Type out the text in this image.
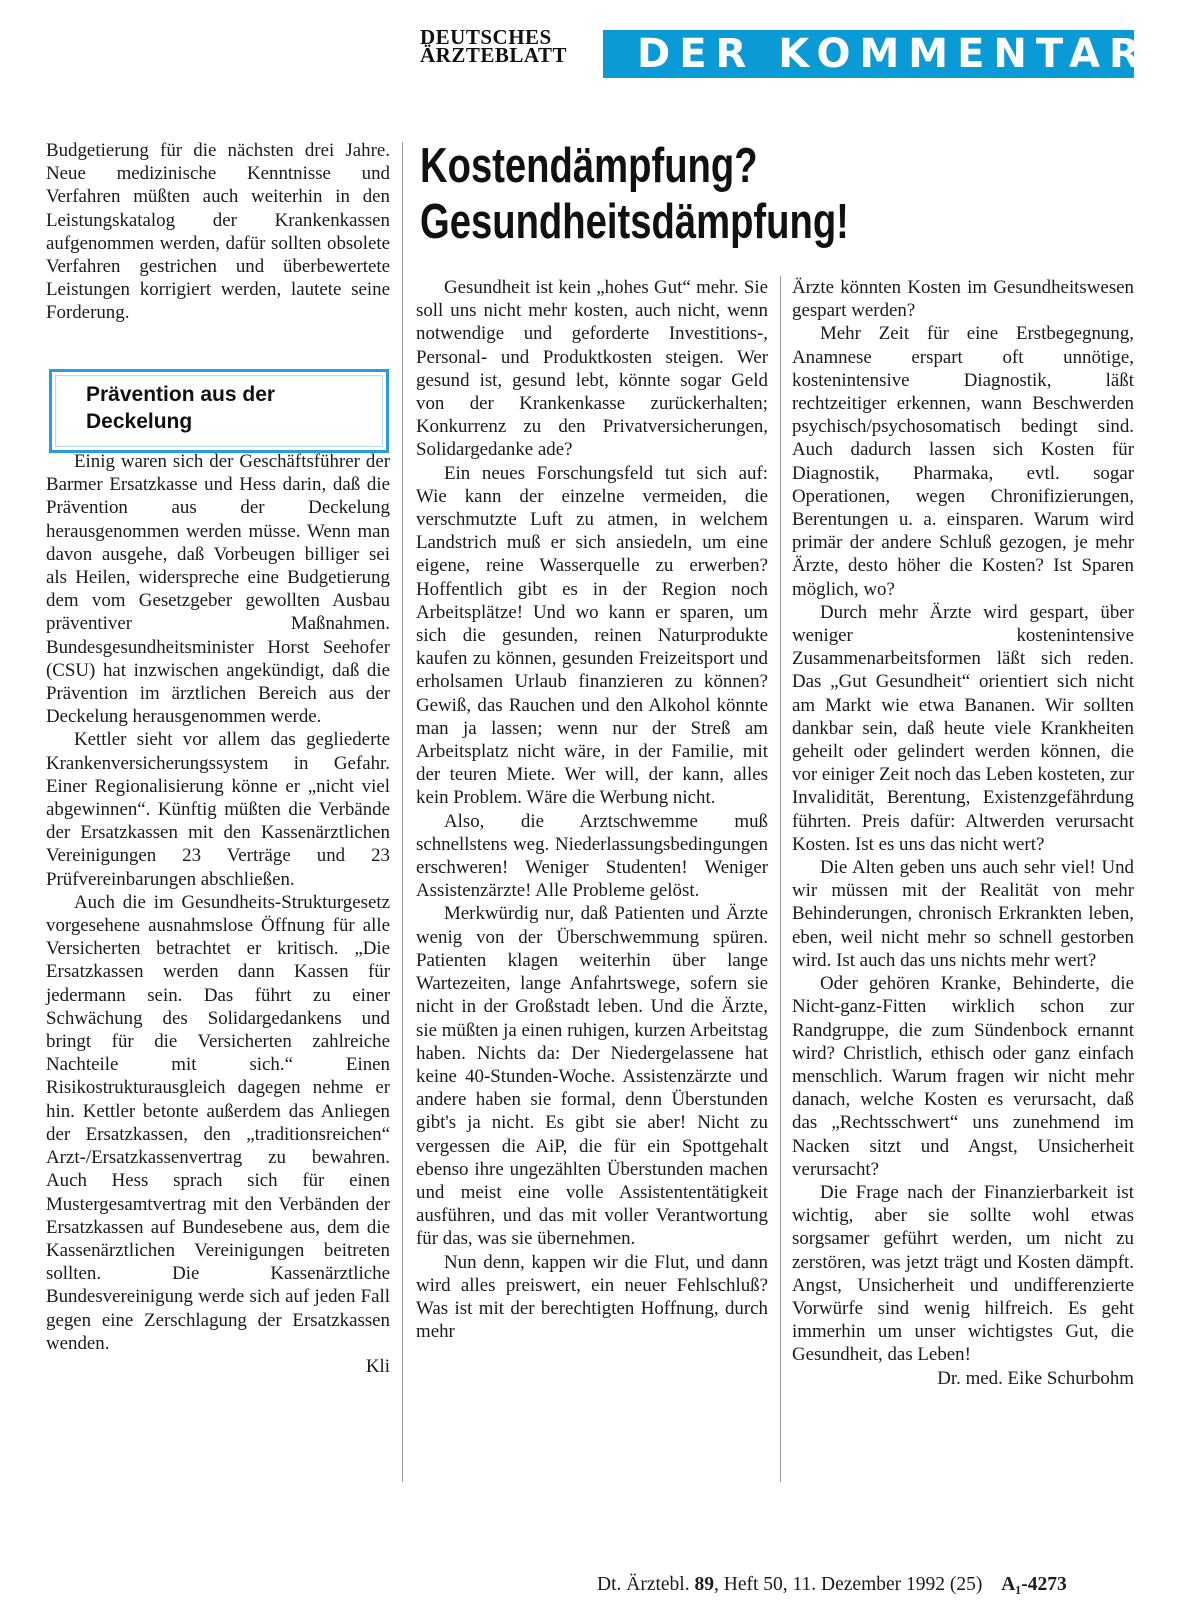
DEUTSCHES
ÄRZTEBLATT	DER KOMMENTAR

Budgetierung für die nächsten drei Jahre. Neue medizinische Kenntnisse und Verfahren müßten auch weiterhin in den Leistungskatalog der Krankenkassen aufgenommen werden, dafür sollten obsolete Verfahren gestrichen und überbewertete Leistungen korrigiert werden, lautete seine Forderung.

Prävention aus der Deckelung

Einig waren sich der Geschäftsführer der Barmer Ersatzkasse und Hess darin, daß die Prävention aus der Deckelung herausgenommen werden müsse. Wenn man davon ausgehe, daß Vorbeugen billiger sei als Heilen, widerspreche eine Budgetierung dem vom Gesetzgeber gewollten Ausbau präventiver Maßnahmen. Bundesgesundheitsminister Horst Seehofer (CSU) hat inzwischen angekündigt, daß die Prävention im ärztlichen Bereich aus der Deckelung herausgenommen werde.

Kettler sieht vor allem das gegliederte Krankenversicherungssystem in Gefahr. Einer Regionalisierung könne er „nicht viel abgewinnen“. Künftig müßten die Verbände der Ersatzkassen mit den Kassenärztlichen Vereinigungen 23 Verträge und 23 Prüfvereinbarungen abschließen.

Auch die im Gesundheits-Strukturgesetz vorgesehene ausnahmslose Öffnung für alle Versicherten betrachtet er kritisch. „Die Ersatzkassen werden dann Kassen für jedermann sein. Das führt zu einer Schwächung des Solidargedankens und bringt für die Versicherten zahlreiche Nachteile mit sich.“ Einen Risikostrukturausgleich dagegen nehme er hin. Kettler betonte außerdem das Anliegen der Ersatzkassen, den „traditionsreichen“ Arzt-/Ersatzkassenvertrag zu bewahren. Auch Hess sprach sich für einen Mustergesamtvertrag mit den Verbänden der Ersatzkassen auf Bundesebene aus, dem die Kassenärztlichen Vereinigungen beitreten sollten. Die Kassenärztliche Bundesvereinigung werde sich auf jeden Fall gegen eine Zerschlagung der Ersatzkassen wenden.

Kli

Kostendämpfung?
Gesundheitsdämpfung!

Gesundheit ist kein „hohes Gut“ mehr. Sie soll uns nicht mehr kosten, auch nicht, wenn notwendige und geforderte Investitions-, Personal- und Produktkosten steigen. Wer gesund ist, gesund lebt, könnte sogar Geld von der Krankenkasse zurückerhalten; Konkurrenz zu den Privatversicherungen, Solidargedanke ade?

Ein neues Forschungsfeld tut sich auf: Wie kann der einzelne vermeiden, die verschmutzte Luft zu atmen, in welchem Landstrich muß er sich ansiedeln, um eine eigene, reine Wasserquelle zu erwerben? Hoffentlich gibt es in der Region noch Arbeitsplätze! Und wo kann er sparen, um sich die gesunden, reinen Naturprodukte kaufen zu können, gesunden Freizeitsport und erholsamen Urlaub finanzieren zu können? Gewiß, das Rauchen und den Alkohol könnte man ja lassen; wenn nur der Streß am Arbeitsplatz nicht wäre, in der Familie, mit der teuren Miete. Wer will, der kann, alles kein Problem. Wäre die Werbung nicht.

Also, die Arztschwemme muß schnellstens weg. Niederlassungsbedingungen erschweren! Weniger Studenten! Weniger Assistenzärzte! Alle Probleme gelöst.

Merkwürdig nur, daß Patienten und Ärzte wenig von der Überschwemmung spüren. Patienten klagen weiterhin über lange Wartezeiten, lange Anfahrtswege, sofern sie nicht in der Großstadt leben. Und die Ärzte, sie müßten ja einen ruhigen, kurzen Arbeitstag haben. Nichts da: Der Niedergelassene hat keine 40-Stunden-Woche. Assistenzärzte und andere haben sie formal, denn Überstunden gibt's ja nicht. Es gibt sie aber! Nicht zu vergessen die AiP, die für ein Spottgehalt ebenso ihre ungezählten Überstunden machen und meist eine volle Assistententätigkeit ausführen, und das mit voller Verantwortung für das, was sie übernehmen.

Nun denn, kappen wir die Flut, und dann wird alles preiswert, ein neuer Fehlschluß? Was ist mit der berechtigten Hoffnung, durch mehr

Ärzte könnten Kosten im Gesundheitswesen gespart werden?

Mehr Zeit für eine Erstbegegnung, Anamnese erspart oft unnötige, kostenintensive Diagnostik, läßt rechtzeitiger erkennen, wann Beschwerden psychisch/psychosomatisch bedingt sind. Auch dadurch lassen sich Kosten für Diagnostik, Pharmaka, evtl. sogar Operationen, wegen Chronifizierungen, Berentungen u. a. einsparen. Warum wird primär der andere Schluß gezogen, je mehr Ärzte, desto höher die Kosten? Ist Sparen möglich, wo?

Durch mehr Ärzte wird gespart, über weniger kostenintensive Zusammenarbeitsformen läßt sich reden. Das „Gut Gesundheit“ orientiert sich nicht am Markt wie etwa Bananen. Wir sollten dankbar sein, daß heute viele Krankheiten geheilt oder gelindert werden können, die vor einiger Zeit noch das Leben kosteten, zur Invalidität, Berentung, Existenzgefährdung führten. Preis dafür: Altwerden verursacht Kosten. Ist es uns das nicht wert?

Die Alten geben uns auch sehr viel! Und wir müssen mit der Realität von mehr Behinderungen, chronisch Erkrankten leben, eben, weil nicht mehr so schnell gestorben wird. Ist auch das uns nichts mehr wert?

Oder gehören Kranke, Behinderte, die Nicht-ganz-Fitten wirklich schon zur Randgruppe, die zum Sündenbock ernannt wird? Christlich, ethisch oder ganz einfach menschlich. Warum fragen wir nicht mehr danach, welche Kosten es verursacht, daß das „Rechtsschwert“ uns zunehmend im Nacken sitzt und Angst, Unsicherheit verursacht?

Die Frage nach der Finanzierbarkeit ist wichtig, aber sie sollte wohl etwas sorgsamer geführt werden, um nicht zu zerstören, was jetzt trägt und Kosten dämpft. Angst, Unsicherheit und undifferenzierte Vorwürfe sind wenig hilfreich. Es geht immerhin um unser wichtigstes Gut, die Gesundheit, das Leben!

Dr. med. Eike Schurbohm

Dt. Ärztebl. 89, Heft 50, 11. Dezember 1992 (25) A₁-4273
